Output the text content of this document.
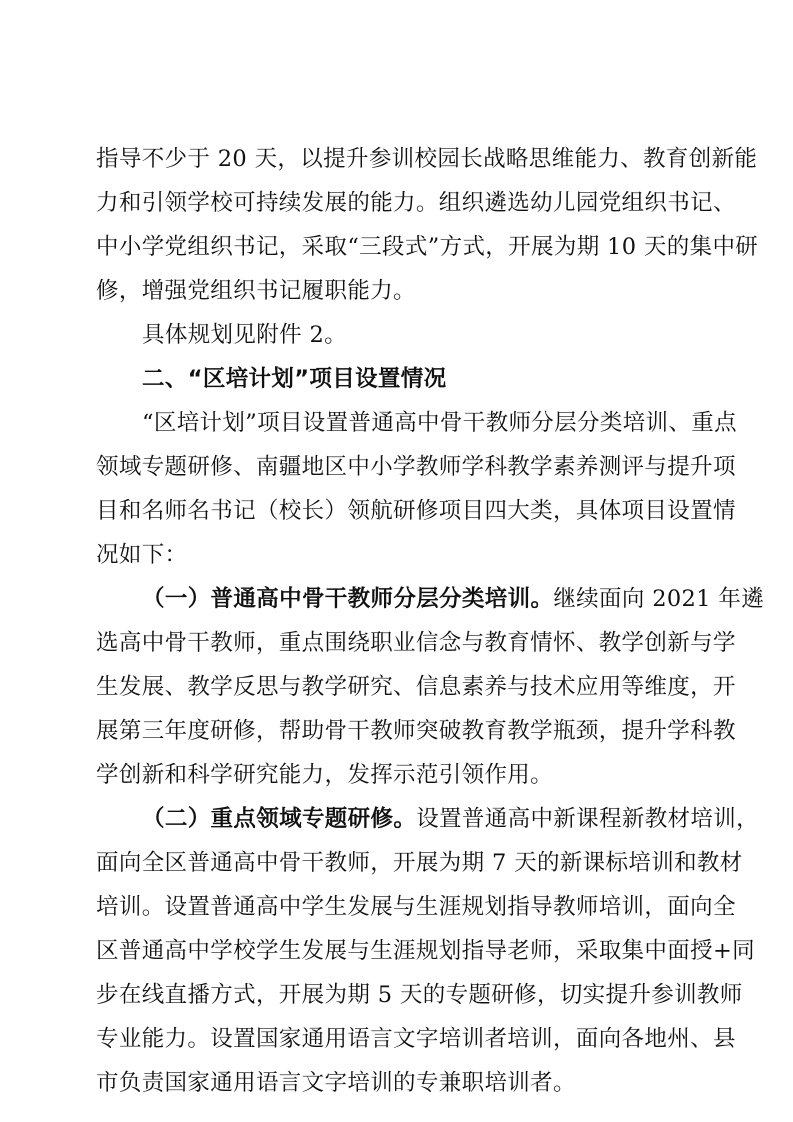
指导不少于 20 天，以提升参训校园长战略思维能力、教育创新能
力和引领学校可持续发展的能力。组织遴选幼儿园党组织书记、
中小学党组织书记，采取“三段式”方式，开展为期 10 天的集中研
修，增强党组织书记履职能力。
具体规划见附件 2。
二、“区培计划”项目设置情况
“区培计划”项目设置普通高中骨干教师分层分类培训、重点
领域专题研修、南疆地区中小学教师学科教学素养测评与提升项
目和名师名书记（校长）领航研修项目四大类，具体项目设置情
况如下：
（一）普通高中骨干教师分层分类培训。继续面向 2021 年遴
选高中骨干教师，重点围绕职业信念与教育情怀、教学创新与学
生发展、教学反思与教学研究、信息素养与技术应用等维度，开
展第三年度研修，帮助骨干教师突破教育教学瓶颈，提升学科教
学创新和科学研究能力，发挥示范引领作用。
（二）重点领域专题研修。设置普通高中新课程新教材培训，
面向全区普通高中骨干教师，开展为期 7 天的新课标培训和教材
培训。设置普通高中学生发展与生涯规划指导教师培训，面向全
区普通高中学校学生发展与生涯规划指导老师，采取集中面授+同
步在线直播方式，开展为期 5 天的专题研修，切实提升参训教师
专业能力。设置国家通用语言文字培训者培训，面向各地州、县
市负责国家通用语言文字培训的专兼职培训者。
